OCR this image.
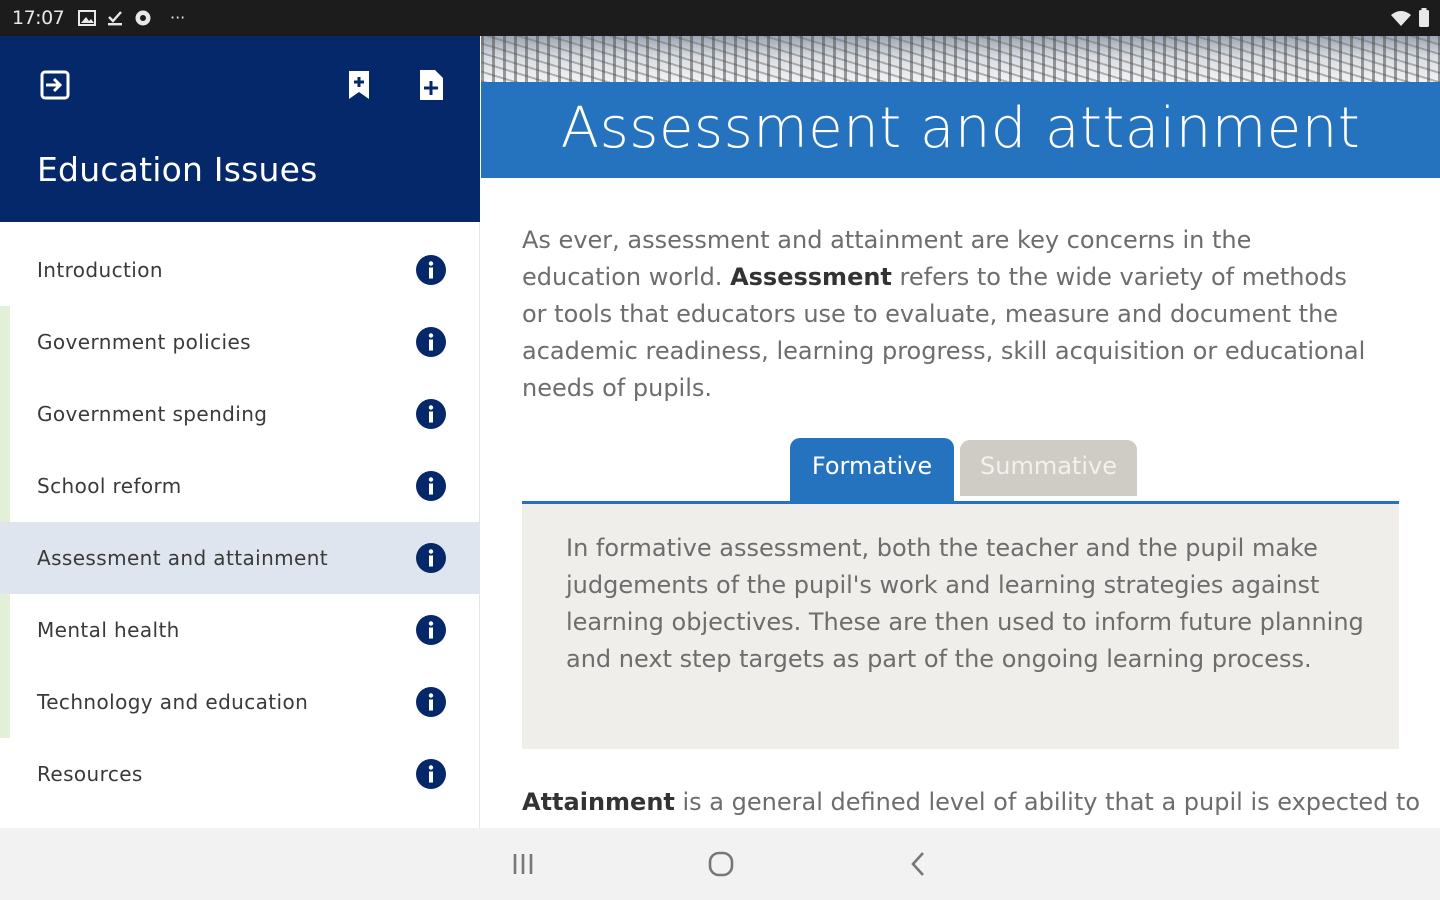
17:07	···
Education Issues
Introduction
Government policies
Government spending
School reform
Assessment and attainment
Mental health
Technology and education
Resources
Assessment and attainment

As ever, assessment and attainment are key concerns in the education world. Assessment refers to the wide variety of methods or tools that educators use to evaluate, measure and document the academic readiness, learning progress, skill acquisition or educational needs of pupils.

Formative	Summative

In formative assessment, both the teacher and the pupil make judgements of the pupil's work and learning strategies against learning objectives. These are then used to inform future planning and next step targets as part of the ongoing learning process.

Attainment is a general defined level of ability that a pupil is expected to
